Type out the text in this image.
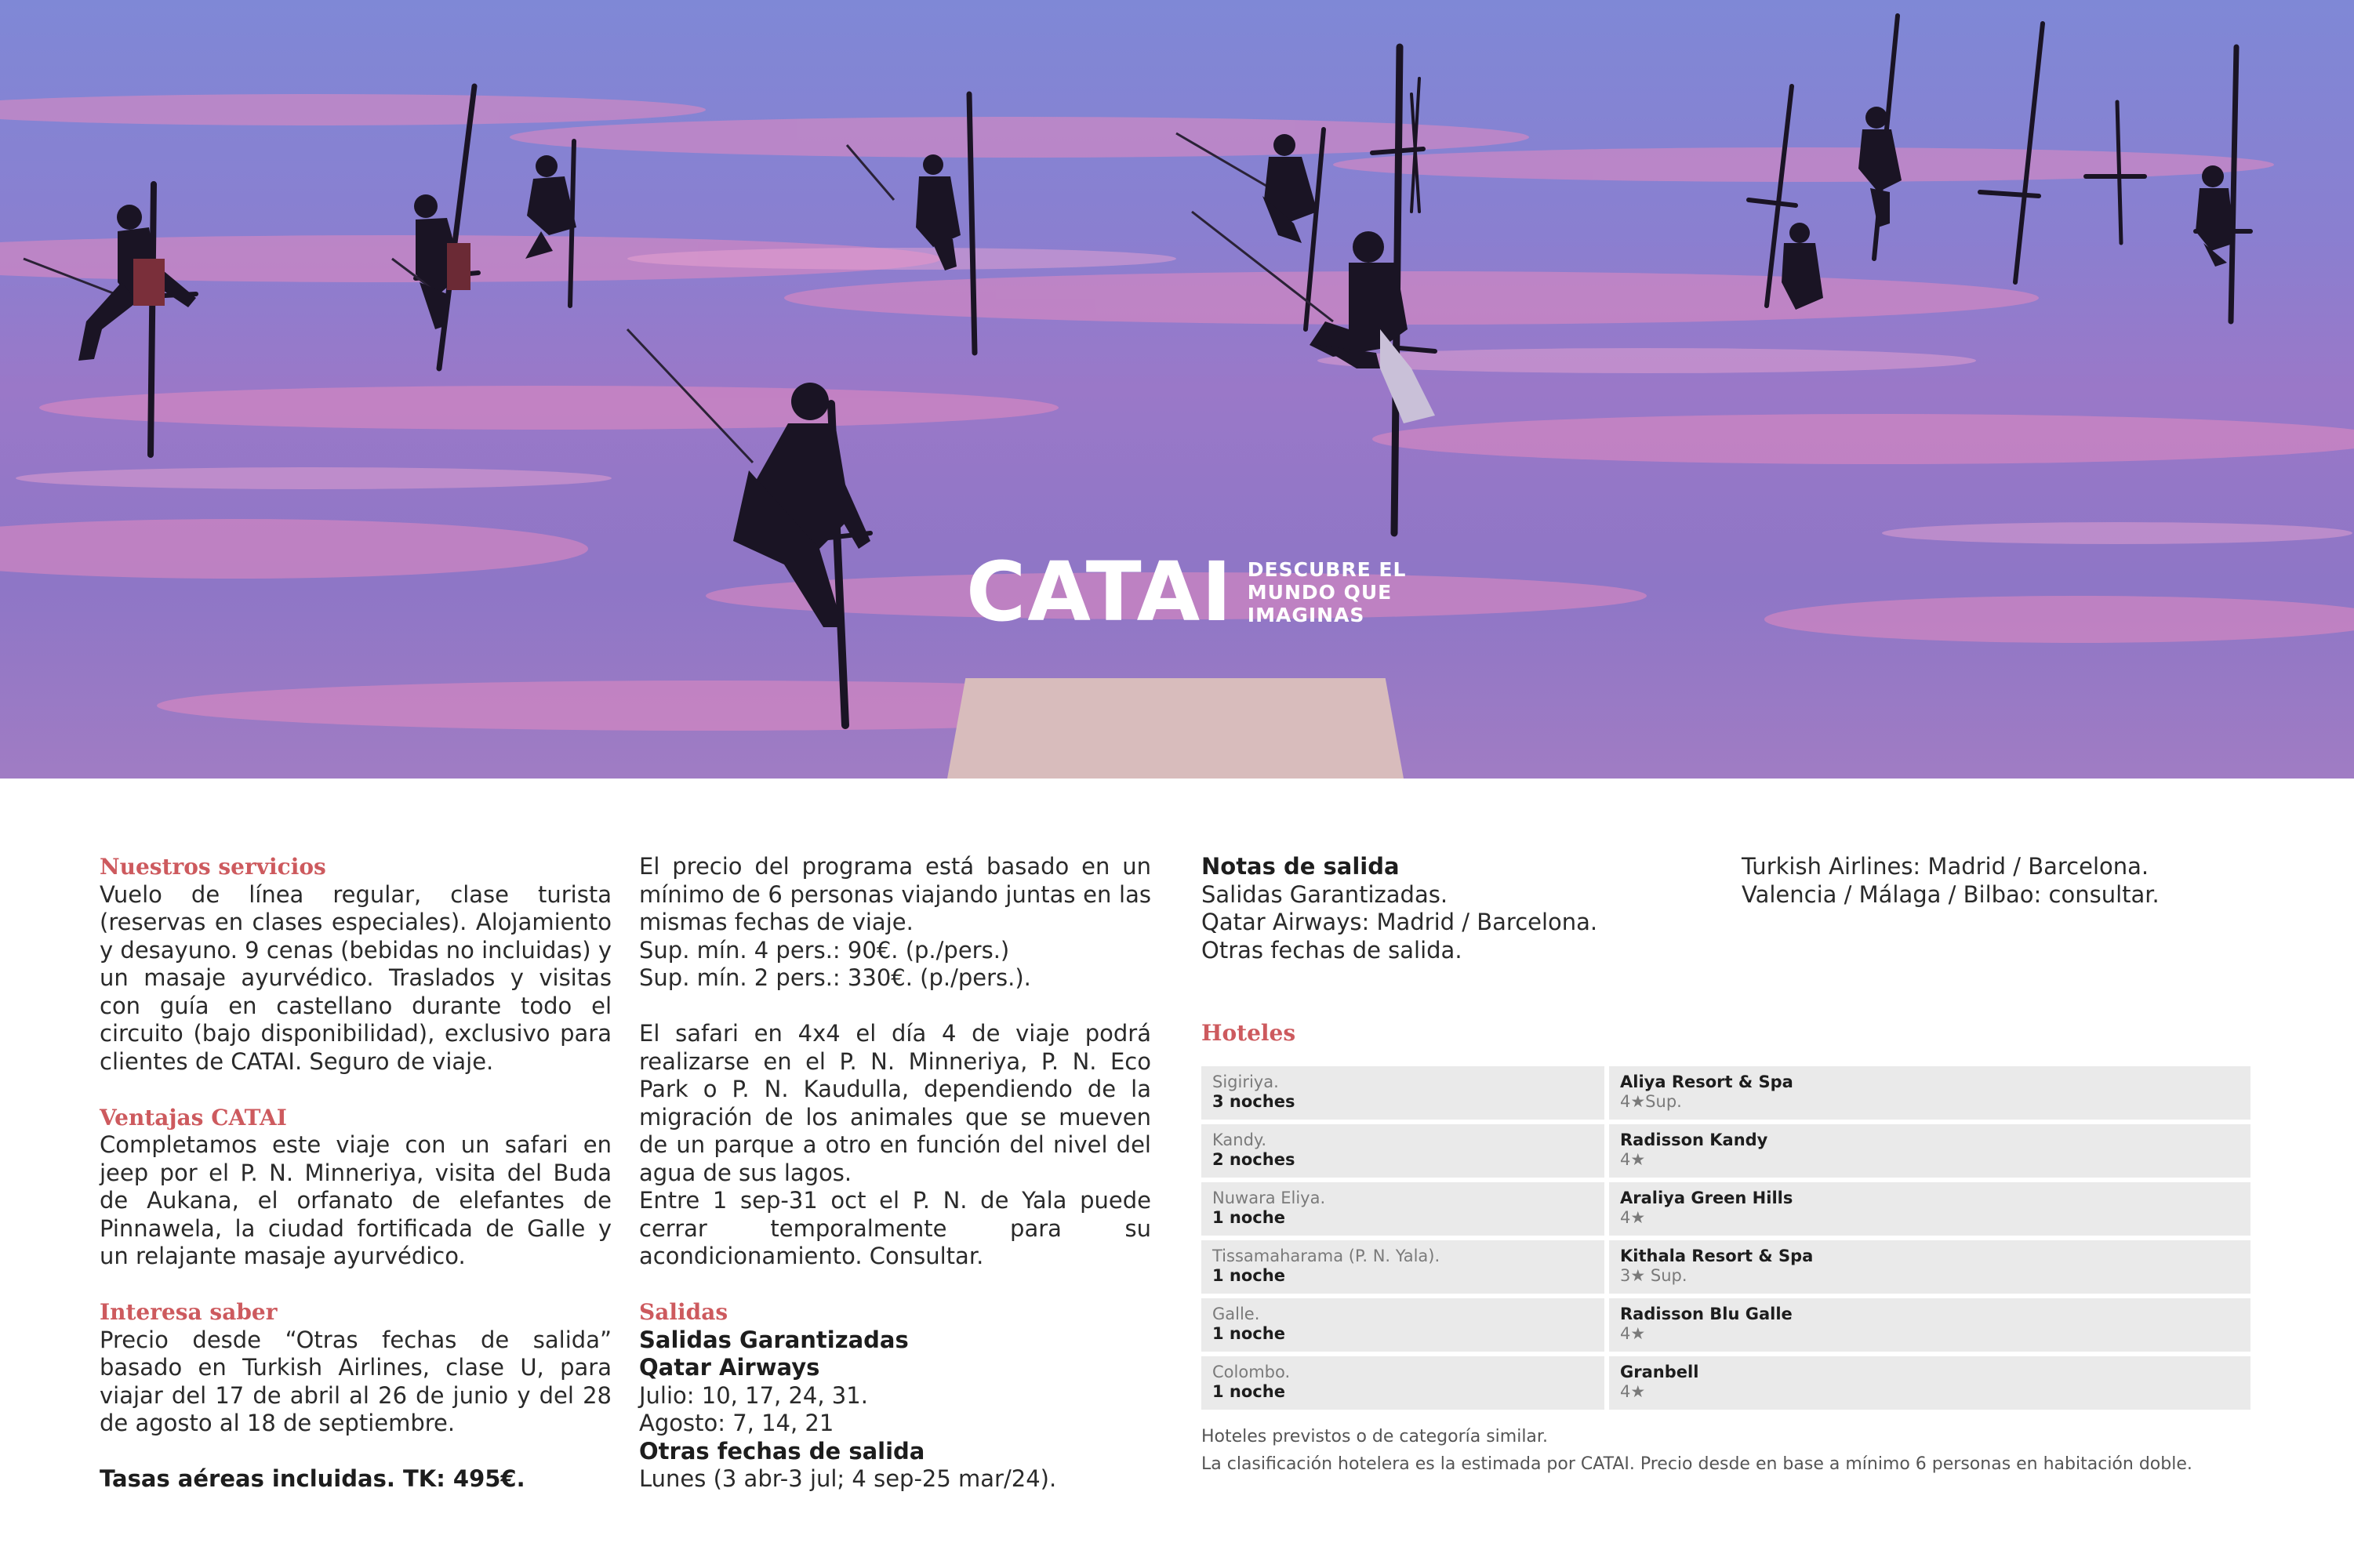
CATAI DESCUBRE EL
MUNDO QUE
IMAGINAS

Nuestros servicios

Vuelo de línea regular, clase turista (reservas en clases especiales). Alojamiento y desayuno. 9 cenas (bebidas no incluidas) y un masaje ayurvédico. Traslados y visitas con guía en castellano durante todo el circuito (bajo disponibilidad), exclusivo para clientes de CATAI. Seguro de viaje.

Ventajas CATAI

Completamos este viaje con un safari en jeep por el P. N. Minneriya, visita del Buda de Aukana, el orfanato de elefantes de Pinnawela, la ciudad fortificada de Galle y un relajante masaje ayurvédico.

Interesa saber

Precio desde “Otras fechas de salida” basado en Turkish Airlines, clase U, para viajar del 17 de abril al 26 de junio y del 28 de agosto al 18 de septiembre.

Tasas aéreas incluidas. TK: 495€.

El precio del programa está basado en un mínimo de 6 personas viajando juntas en las mismas fechas de viaje.

Sup. mín. 4 pers.: 90€. (p./pers.)

Sup. mín. 2 pers.: 330€. (p./pers.).

El safari en 4x4 el día 4 de viaje podrá realizarse en el P. N. Minneriya, P. N. Eco Park o P. N. Kaudulla, dependiendo de la migración de los animales que se mueven de un parque a otro en función del nivel del agua de sus lagos.

Entre 1 sep-31 oct el P. N. de Yala puede cerrar temporalmente para su acondicionamiento. Consultar.

Salidas

Salidas Garantizadas

Qatar Airways

Julio: 10, 17, 24, 31.

Agosto: 7, 14, 21

Otras fechas de salida

Lunes (3 abr-3 jul; 4 sep-25 mar/24).

Notas de salida

Salidas Garantizadas.

Qatar Airways: Madrid / Barcelona.

Otras fechas de salida.

Turkish Airlines: Madrid / Barcelona.

Valencia / Málaga / Bilbao: consultar.

Hoteles

Sigiriya.
3 noches
Aliya Resort & Spa
4★Sup.
Kandy.
2 noches
Radisson Kandy
4★
Nuwara Eliya.
1 noche
Araliya Green Hills
4★
Tissamaharama (P. N. Yala).
1 noche
Kithala Resort & Spa
3★ Sup.
Galle.
1 noche
Radisson Blu Galle
4★
Colombo.
1 noche
Granbell
4★

Hoteles previstos o de categoría similar.

La clasificación hotelera es la estimada por CATAI. Precio desde en base a mínimo 6 personas en habitación doble.
